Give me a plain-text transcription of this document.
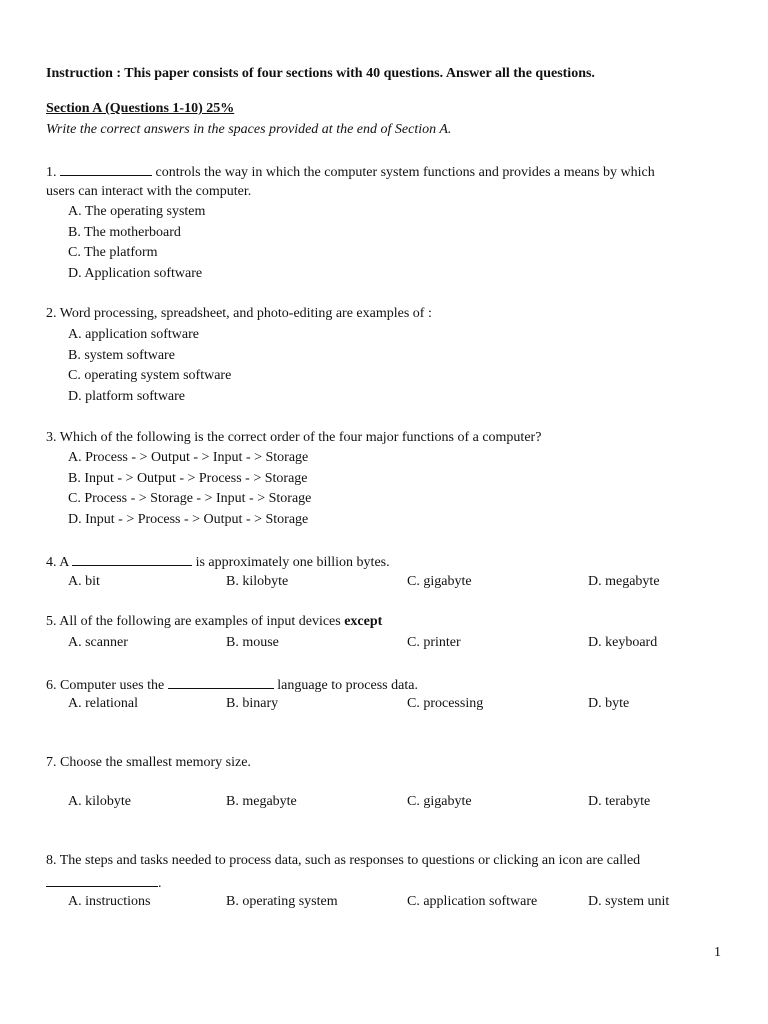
Instruction : This paper consists of four sections with 40 questions. Answer all the questions.
Section A (Questions 1-10) 25%
Write the correct answers in the spaces provided at the end of Section A.
1.	controls the way in which the computer system functions and provides a means by which
users can interact with the computer.
A. The operating system
B. The motherboard
C. The platform
D. Application software
2. Word processing, spreadsheet, and photo-editing are examples of :
A. application software
B. system software
C. operating system software
D. platform software
3. Which of the following is the correct order of the four major functions of a computer?
A. Process - > Output - > Input - > Storage
B. Input - > Output - > Process - > Storage
C. Process - > Storage - > Input - > Storage
D. Input - > Process - > Output - > Storage
4. A	is approximately one billion bytes.
A. bit	B. kilobyte	C. gigabyte	D. megabyte
5. All of the following are examples of input devices except
A. scanner	B. mouse	C. printer	D. keyboard
6. Computer uses the	language to process data.
A. relational	B. binary	C. processing	D. byte
7. Choose the smallest memory size.
A. kilobyte	B. megabyte	C. gigabyte	D. terabyte
8. The steps and tasks needed to process data, such as responses to questions or clicking an icon are called
.
A. instructions	B. operating system	C. application software	D. system unit
1
